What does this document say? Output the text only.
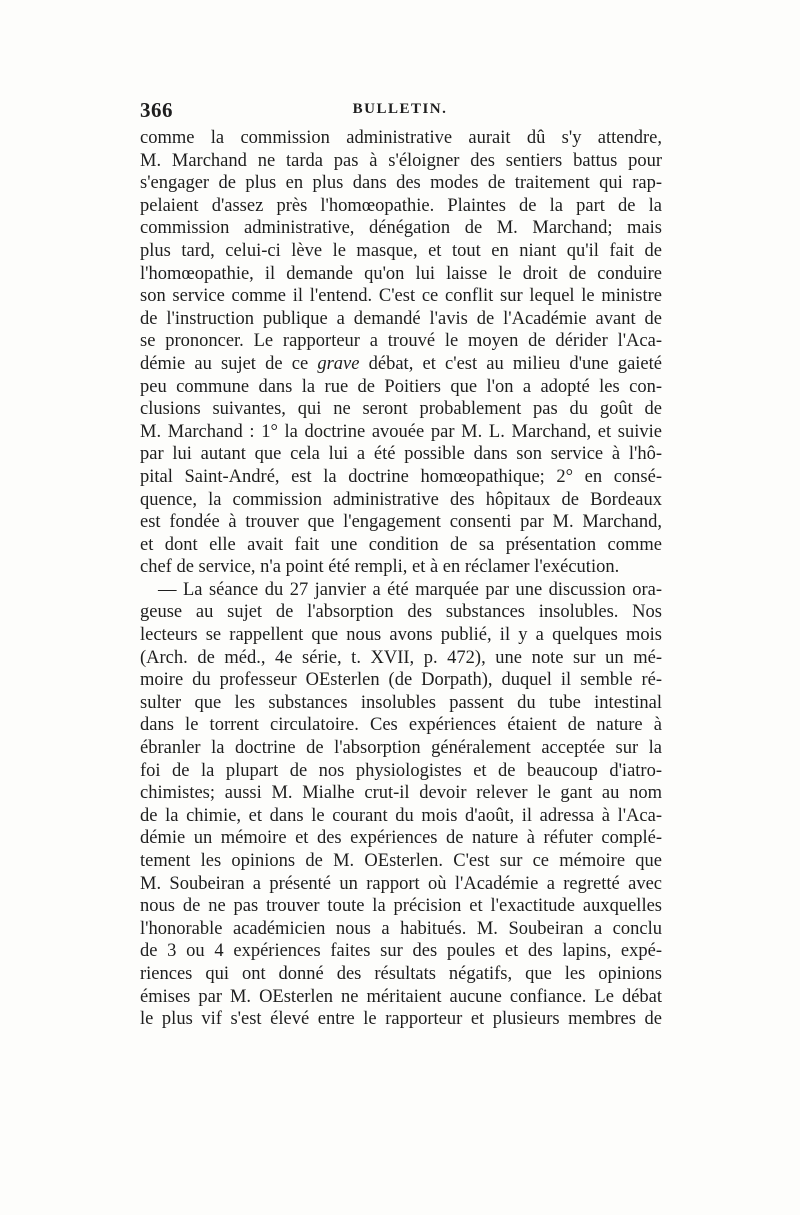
366	BULLETIN.
comme la commission administrative aurait dû s'y attendre,
M. Marchand ne tarda pas à s'éloigner des sentiers battus pour
s'engager de plus en plus dans des modes de traitement qui rap-
pelaient d'assez près l'homœopathie. Plaintes de la part de la
commission administrative, dénégation de M. Marchand; mais
plus tard, celui-ci lève le masque, et tout en niant qu'il fait de
l'homœopathie, il demande qu'on lui laisse le droit de conduire
son service comme il l'entend. C'est ce conflit sur lequel le ministre
de l'instruction publique a demandé l'avis de l'Académie avant de
se prononcer. Le rapporteur a trouvé le moyen de dérider l'Aca-
démie au sujet de ce grave débat, et c'est au milieu d'une gaieté
peu commune dans la rue de Poitiers que l'on a adopté les con-
clusions suivantes, qui ne seront probablement pas du goût de
M. Marchand : 1° la doctrine avouée par M. L. Marchand, et suivie
par lui autant que cela lui a été possible dans son service à l'hô-
pital Saint-André, est la doctrine homœopathique; 2° en consé-
quence, la commission administrative des hôpitaux de Bordeaux
est fondée à trouver que l'engagement consenti par M. Marchand,
et dont elle avait fait une condition de sa présentation comme
chef de service, n'a point été rempli, et à en réclamer l'exécution.
— La séance du 27 janvier a été marquée par une discussion ora-
geuse au sujet de l'absorption des substances insolubles. Nos
lecteurs se rappellent que nous avons publié, il y a quelques mois
(Arch. de méd., 4e série, t. XVII, p. 472), une note sur un mé-
moire du professeur OEsterlen (de Dorpath), duquel il semble ré-
sulter que les substances insolubles passent du tube intestinal
dans le torrent circulatoire. Ces expériences étaient de nature à
ébranler la doctrine de l'absorption généralement acceptée sur la
foi de la plupart de nos physiologistes et de beaucoup d'iatro-
chimistes; aussi M. Mialhe crut-il devoir relever le gant au nom
de la chimie, et dans le courant du mois d'août, il adressa à l'Aca-
démie un mémoire et des expériences de nature à réfuter complé-
tement les opinions de M. OEsterlen. C'est sur ce mémoire que
M. Soubeiran a présenté un rapport où l'Académie a regretté avec
nous de ne pas trouver toute la précision et l'exactitude auxquelles
l'honorable académicien nous a habitués. M. Soubeiran a conclu
de 3 ou 4 expériences faites sur des poules et des lapins, expé-
riences qui ont donné des résultats négatifs, que les opinions
émises par M. OEsterlen ne méritaient aucune confiance. Le débat
le plus vif s'est élevé entre le rapporteur et plusieurs membres de
